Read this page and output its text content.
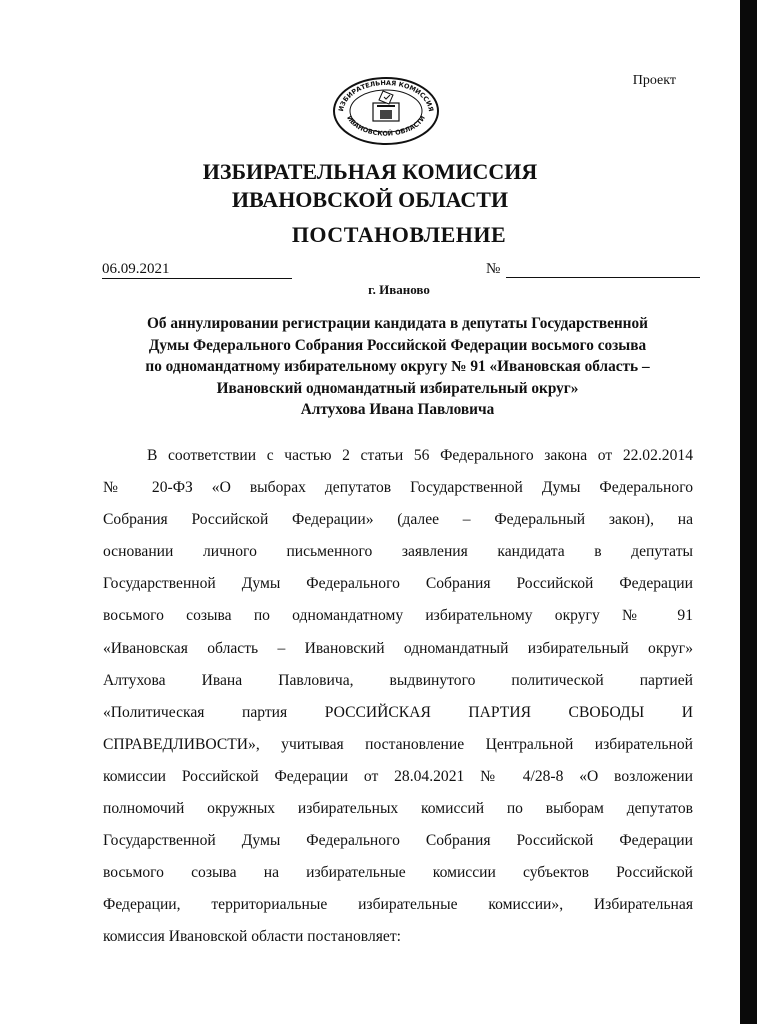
Проект
ИЗБИРАТЕЛЬНАЯ КОМИССИЯ
ИВАНОВСКОЙ ОБЛАСТИ
ИЗБИРАТЕЛЬНАЯ КОМИССИЯ
ИВАНОВСКОЙ ОБЛАСТИ
ПОСТАНОВЛЕНИЕ
06.09.2021	№
г. Иваново
Об аннулировании регистрации кандидата в депутаты Государственной
Думы Федерального Собрания Российской Федерации восьмого созыва
по одномандатному избирательному округу № 91 «Ивановская область –
Ивановский одномандатный избирательный округ»
Алтухова Ивана Павловича
В соответствии с частью 2 статьи 56 Федерального закона от 22.02.2014
№ 20-ФЗ «О выборах депутатов Государственной Думы Федерального
Собрания Российской Федерации» (далее – Федеральный закон), на
основании личного письменного заявления кандидата в депутаты
Государственной Думы Федерального Собрания Российской Федерации
восьмого созыва по одномандатному избирательному округу № 91
«Ивановская область – Ивановский одномандатный избирательный округ»
Алтухова Ивана Павловича, выдвинутого политической партией
«Политическая партия РОССИЙСКАЯ ПАРТИЯ СВОБОДЫ И
СПРАВЕДЛИВОСТИ», учитывая постановление Центральной избирательной
комиссии Российской Федерации от 28.04.2021 № 4/28-8 «О возложении
полномочий окружных избирательных комиссий по выборам депутатов
Государственной Думы Федерального Собрания Российской Федерации
восьмого созыва на избирательные комиссии субъектов Российской
Федерации, территориальные избирательные комиссии», Избирательная
комиссия Ивановской области постановляет:
